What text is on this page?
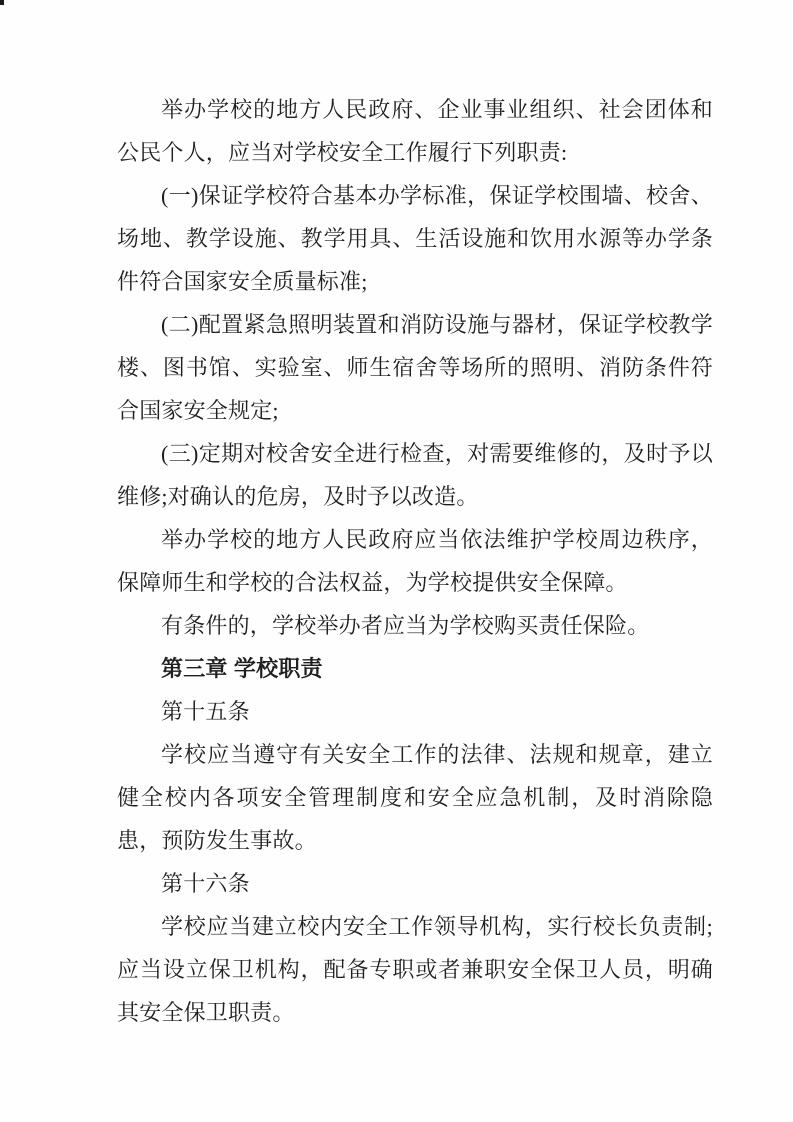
举办学校的地方人民政府、企业事业组织、社会团体和公民个人，应当对学校安全工作履行下列职责:

(一)保证学校符合基本办学标准，保证学校围墙、校舍、场地、教学设施、教学用具、生活设施和饮用水源等办学条件符合国家安全质量标准;

(二)配置紧急照明装置和消防设施与器材，保证学校教学楼、图书馆、实验室、师生宿舍等场所的照明、消防条件符合国家安全规定;

(三)定期对校舍安全进行检查，对需要维修的，及时予以维修;对确认的危房，及时予以改造。

举办学校的地方人民政府应当依法维护学校周边秩序，保障师生和学校的合法权益，为学校提供安全保障。

有条件的，学校举办者应当为学校购买责任保险。

第三章 学校职责

第十五条

学校应当遵守有关安全工作的法律、法规和规章，建立健全校内各项安全管理制度和安全应急机制，及时消除隐患，预防发生事故。

第十六条

学校应当建立校内安全工作领导机构，实行校长负责制;应当设立保卫机构，配备专职或者兼职安全保卫人员，明确其安全保卫职责。
